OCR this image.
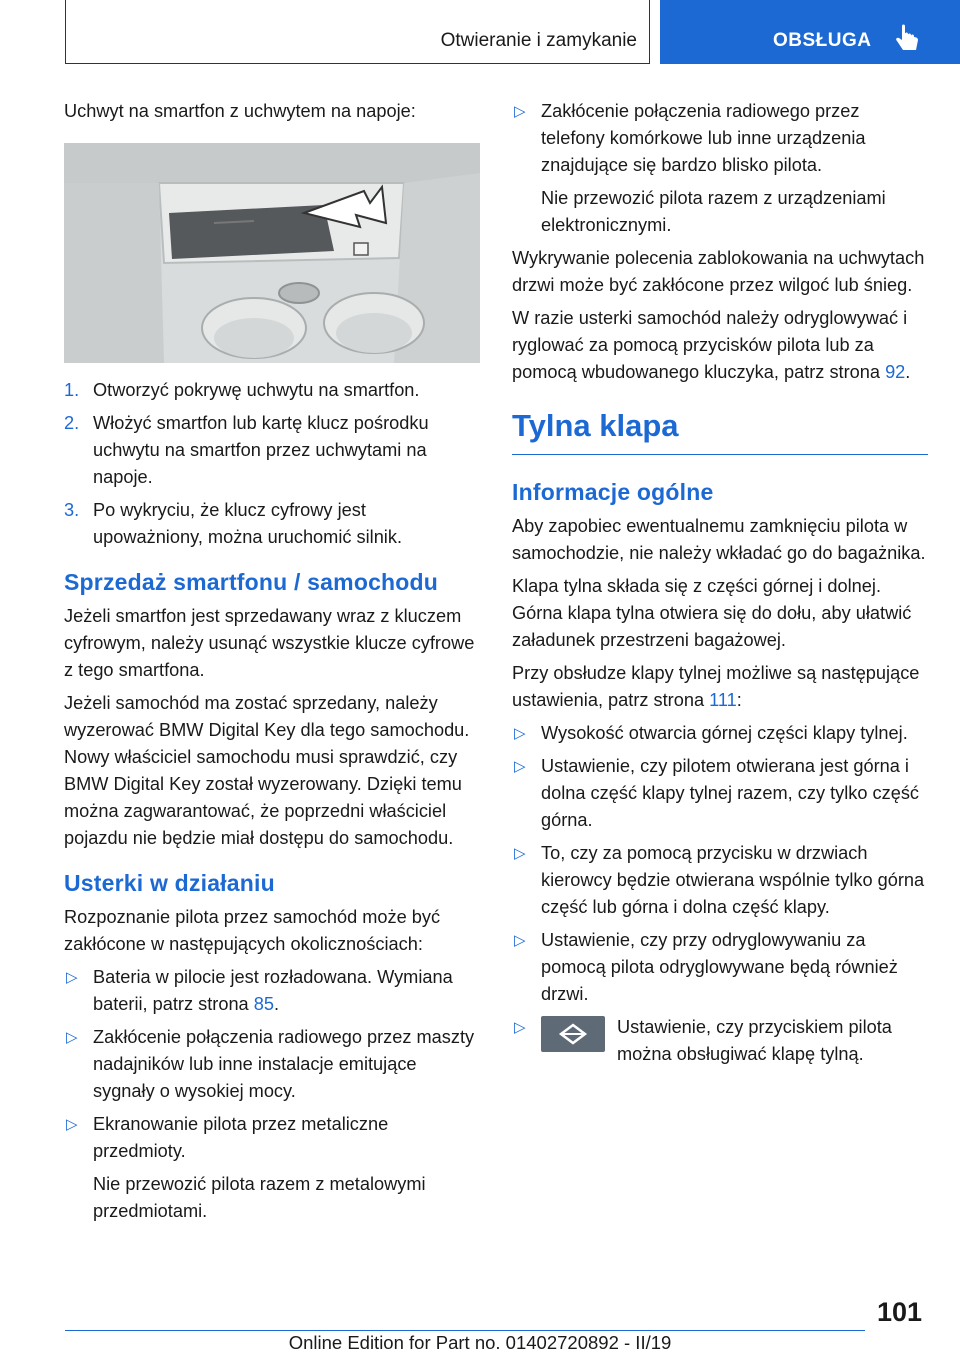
Otwieranie i zamykanie	OBSŁUGA

Uchwyt na smartfon z uchwytem na napoje:

1. Otworzyć pokrywę uchwytu na smartfon.
2. Włożyć smartfon lub kartę klucz pośrodku uchwytu na smartfon przez uchwytami na napoje.
3. Po wykryciu, że klucz cyfrowy jest upoważniony, można uruchomić silnik.
Sprzedaż smartfonu / samochodu

Jeżeli smartfon jest sprzedawany wraz z kluczem cyfrowym, należy usunąć wszystkie klucze cyfrowe z tego smartfona.

Jeżeli samochód ma zostać sprzedany, należy wyzerować BMW Digital Key dla tego samochodu. Nowy właściciel samochodu musi sprawdzić, czy BMW Digital Key został wyzerowany. Dzięki temu można zagwarantować, że poprzedni właściciel pojazdu nie będzie miał dostępu do samochodu.

Usterki w działaniu

Rozpoznanie pilota przez samochód może być zakłócone w następujących okolicznościach:

▷ Bateria w pilocie jest rozładowana. Wymiana baterii, patrz strona 85.
▷ Zakłócenie połączenia radiowego przez maszty nadajników lub inne instalacje emitujące sygnały o wysokiej mocy.
▷ Ekranowanie pilota przez metaliczne przedmioty.
Nie przewozić pilota razem z metalowymi przedmiotami.
▷ Zakłócenie połączenia radiowego przez telefony komórkowe lub inne urządzenia znajdujące się bardzo blisko pilota.
Nie przewozić pilota razem z urządzeniami elektronicznymi.

Wykrywanie polecenia zablokowania na uchwytach drzwi może być zakłócone przez wilgoć lub śnieg.

W razie usterki samochód należy odryglowywać i ryglować za pomocą przycisków pilota lub za pomocą wbudowanego kluczyka, patrz strona 92.

Tylna klapa
Informacje ogólne

Aby zapobiec ewentualnemu zamknięciu pilota w samochodzie, nie należy wkładać go do bagażnika.

Klapa tylna składa się z części górnej i dolnej. Górna klapa tylna otwiera się do dołu, aby ułatwić załadunek przestrzeni bagażowej.

Przy obsłudze klapy tylnej możliwe są następujące ustawienia, patrz strona 111:

▷ Wysokość otwarcia górnej części klapy tylnej.
▷ Ustawienie, czy pilotem otwierana jest górna i dolna część klapy tylnej razem, czy tylko część górna.
▷ To, czy za pomocą przycisku w drzwiach kierowcy będzie otwierana wspólnie tylko górna część lub górna i dolna część klapy.
▷ Ustawienie, czy przy odryglowywaniu za pomocą pilota odryglowywane będą również drzwi.
▷	Ustawienie, czy przyciskiem pilota można obsługiwać klapę tylną.
101
Online Edition for Part no. 01402720892 - II/19
